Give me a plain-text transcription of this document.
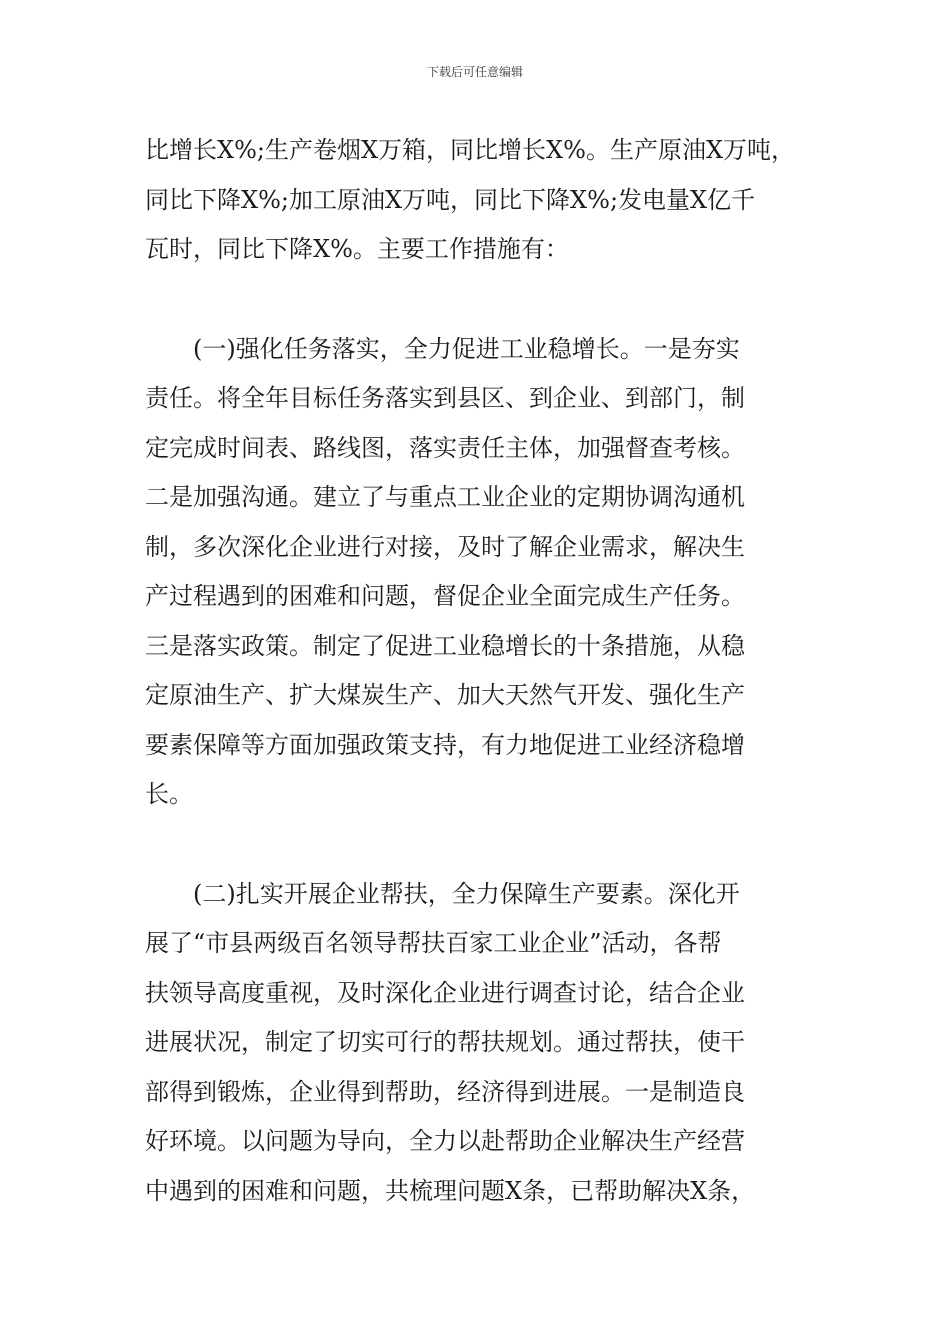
下载后可任意编辑
比增长X%;生产卷烟X万箱，同比增长X%。生产原油X万吨，
同比下降X%;加工原油X万吨，同比下降X%;发电量X亿千
瓦时，同比下降X%。主要工作措施有：
　　(一)强化任务落实，全力促进工业稳增长。一是夯实
责任。将全年目标任务落实到县区、到企业、到部门，制
定完成时间表、路线图，落实责任主体，加强督查考核。
二是加强沟通。建立了与重点工业企业的定期协调沟通机
制，多次深化企业进行对接，及时了解企业需求，解决生
产过程遇到的困难和问题，督促企业全面完成生产任务。
三是落实政策。制定了促进工业稳增长的十条措施，从稳
定原油生产、扩大煤炭生产、加大天然气开发、强化生产
要素保障等方面加强政策支持，有力地促进工业经济稳增
长。
　　(二)扎实开展企业帮扶，全力保障生产要素。深化开
展了“市县两级百名领导帮扶百家工业企业”活动，各帮
扶领导高度重视，及时深化企业进行调查讨论，结合企业
进展状况，制定了切实可行的帮扶规划。通过帮扶，使干
部得到锻炼，企业得到帮助，经济得到进展。一是制造良
好环境。以问题为导向，全力以赴帮助企业解决生产经营
中遇到的困难和问题，共梳理问题X条，已帮助解决X条，
